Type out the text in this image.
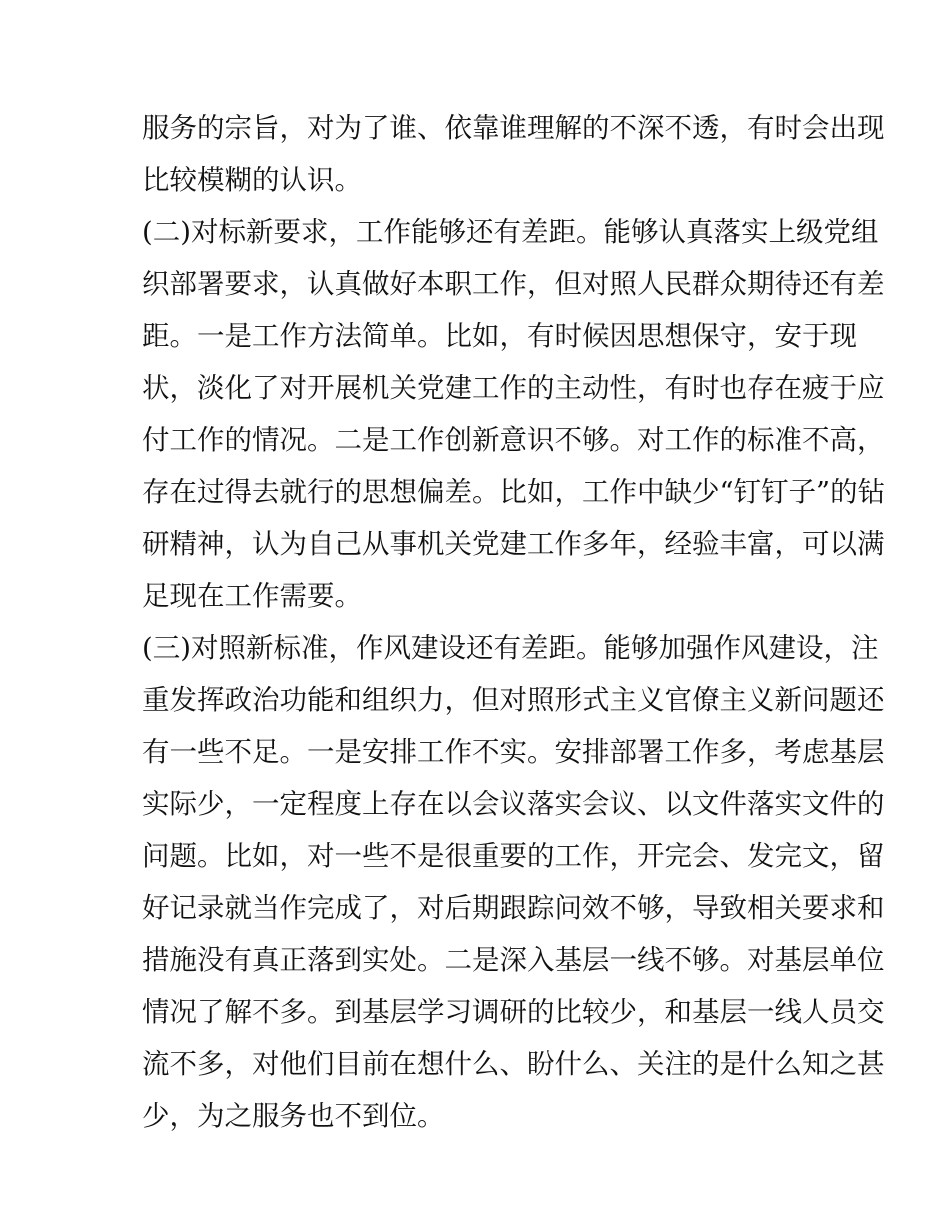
服务的宗旨，对为了谁、依靠谁理解的不深不透，有时会出现
比较模糊的认识。
(二)对标新要求，工作能够还有差距。能够认真落实上级党组
织部署要求，认真做好本职工作，但对照人民群众期待还有差
距。一是工作方法简单。比如，有时候因思想保守，安于现
状，淡化了对开展机关党建工作的主动性，有时也存在疲于应
付工作的情况。二是工作创新意识不够。对工作的标准不高，
存在过得去就行的思想偏差。比如，工作中缺少“钉钉子”的钻
研精神，认为自己从事机关党建工作多年，经验丰富，可以满
足现在工作需要。
(三)对照新标准，作风建设还有差距。能够加强作风建设，注
重发挥政治功能和组织力，但对照形式主义官僚主义新问题还
有一些不足。一是安排工作不实。安排部署工作多，考虑基层
实际少，一定程度上存在以会议落实会议、以文件落实文件的
问题。比如，对一些不是很重要的工作，开完会、发完文，留
好记录就当作完成了，对后期跟踪问效不够，导致相关要求和
措施没有真正落到实处。二是深入基层一线不够。对基层单位
情况了解不多。到基层学习调研的比较少，和基层一线人员交
流不多，对他们目前在想什么、盼什么、关注的是什么知之甚
少，为之服务也不到位。
